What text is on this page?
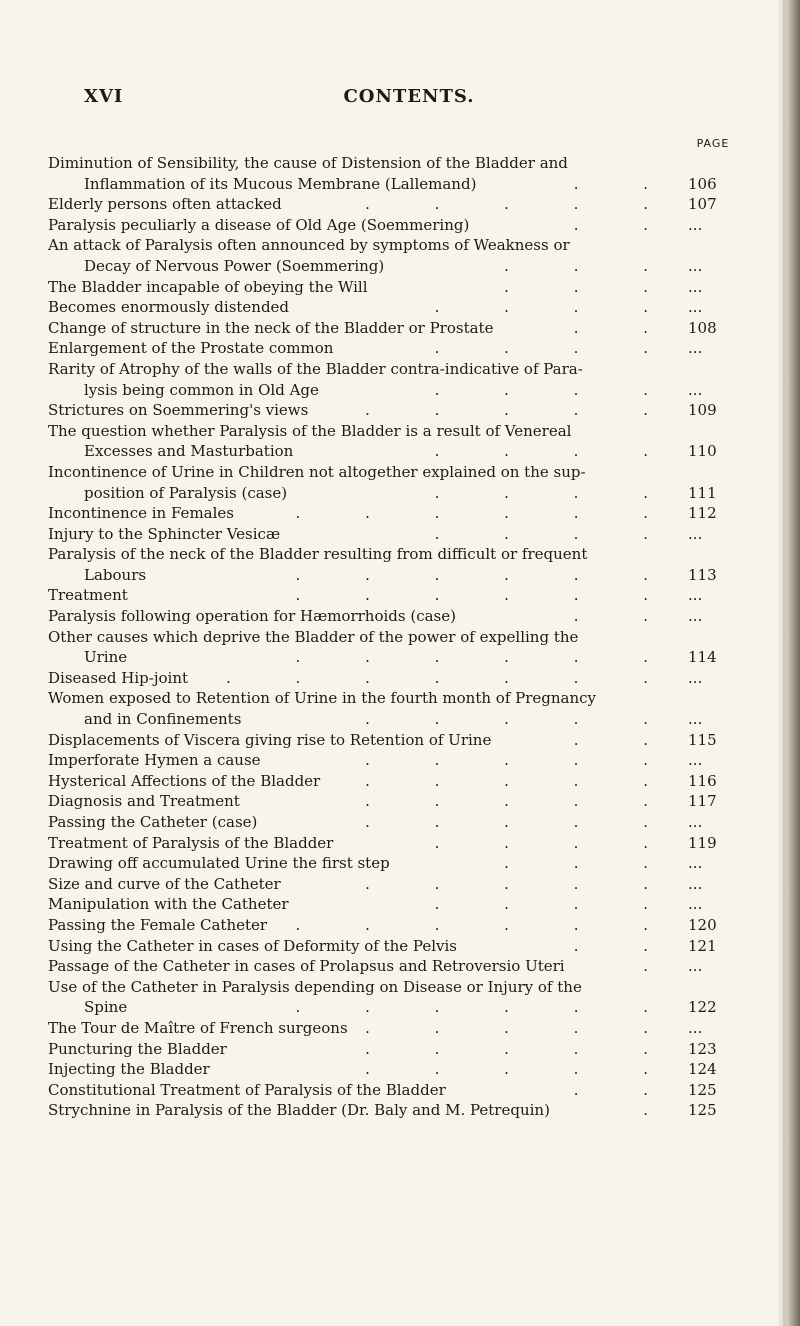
XVI	CONTENTS.
PAGE
Diminution of Sensibility, the cause of Distension of the Bladder and
Inflammation of its Mucous Membrane (Lallemand)	. . 106
Elderly persons often attacked	. . . . . 107
Paralysis peculiarly a disease of Old Age (Soemmering)	. . ...
An attack of Paralysis often announced by symptoms of Weakness or
Decay of Nervous Power (Soemmering)	. . . ...
The Bladder incapable of obeying the Will	. . . ...
Becomes enormously distended	. . . . ...
Change of structure in the neck of the Bladder or Prostate	. . 108
Enlargement of the Prostate common	. . . . ...
Rarity of Atrophy of the walls of the Bladder contra-indicative of Para-
lysis being common in Old Age	. . . . ...
Strictures on Soemmering's views	. . . . . 109
The question whether Paralysis of the Bladder is a result of Venereal
Excesses and Masturbation	. . . . 110
Incontinence of Urine in Children not altogether explained on the sup-
position of Paralysis (case)	. . . . 111
Incontinence in Females	. . . . . . 112
Injury to the Sphincter Vesicæ	. . . . ...
Paralysis of the neck of the Bladder resulting from difficult or frequent
Labours	. . . . . . 113
Treatment	. . . . . . ...
Paralysis following operation for Hæmorrhoids (case)	. . ...
Other causes which deprive the Bladder of the power of expelling the
Urine	. . . . . . 114
Diseased Hip-joint	. . . . . . . ...
Women exposed to Retention of Urine in the fourth month of Pregnancy
and in Confinements	. . . . . ...
Displacements of Viscera giving rise to Retention of Urine	. . 115
Imperforate Hymen a cause	. . . . . ...
Hysterical Affections of the Bladder	. . . . . 116
Diagnosis and Treatment	. . . . . 117
Passing the Catheter (case)	. . . . . ...
Treatment of Paralysis of the Bladder	. . . . 119
Drawing off accumulated Urine the first step	. . . ...
Size and curve of the Catheter	. . . . . ...
Manipulation with the Catheter	. . . . ...
Passing the Female Catheter . . . . . . 120
Using the Catheter in cases of Deformity of the Pelvis	. . 121
Passage of the Catheter in cases of Prolapsus and Retroversio Uteri	. ...
Use of the Catheter in Paralysis depending on Disease or Injury of the
Spine	. . . . . . 122
The Tour de Maître of French surgeons . . . . . ...
Puncturing the Bladder	. . . . . 123
Injecting the Bladder	. . . . . 124
Constitutional Treatment of Paralysis of the Bladder	. . 125
Strychnine in Paralysis of the Bladder (Dr. Baly and M. Petrequin)	. 125
